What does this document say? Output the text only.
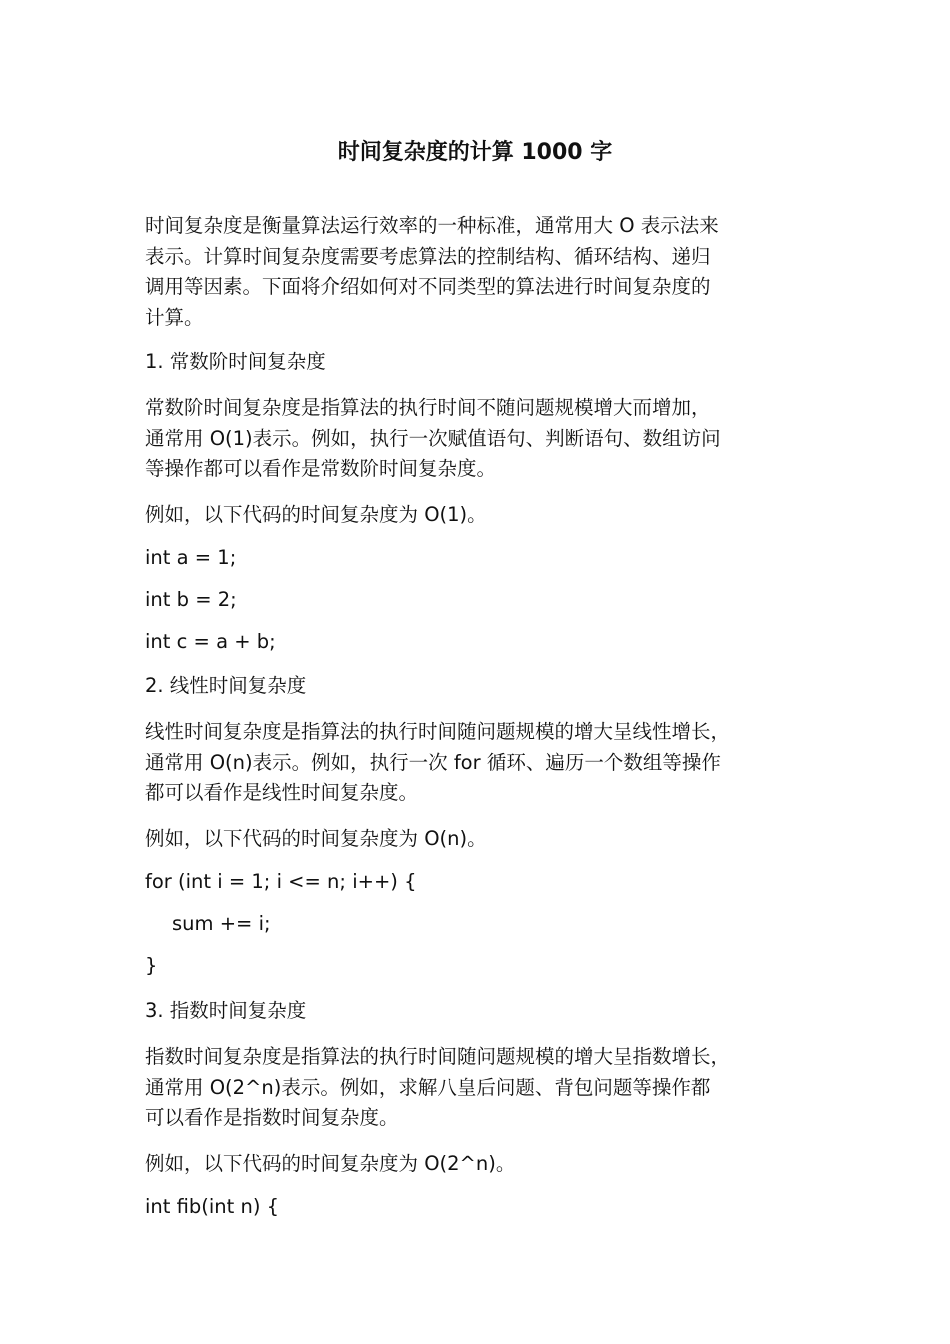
时间复杂度的计算 1000 字
时间复杂度是衡量算法运行效率的一种标准，通常用大 O 表示法来
表示。计算时间复杂度需要考虑算法的控制结构、循环结构、递归
调用等因素。下面将介绍如何对不同类型的算法进行时间复杂度的
计算。
1. 常数阶时间复杂度
常数阶时间复杂度是指算法的执行时间不随问题规模增大而增加，
通常用 O(1)表示。例如，执行一次赋值语句、判断语句、数组访问
等操作都可以看作是常数阶时间复杂度。
例如，以下代码的时间复杂度为 O(1)。
int a = 1;
int b = 2;
int c = a + b;
2. 线性时间复杂度
线性时间复杂度是指算法的执行时间随问题规模的增大呈线性增长，
通常用 O(n)表示。例如，执行一次 for 循环、遍历一个数组等操作
都可以看作是线性时间复杂度。
例如，以下代码的时间复杂度为 O(n)。
for (int i = 1; i <= n; i++) {
sum += i;
}
3. 指数时间复杂度
指数时间复杂度是指算法的执行时间随问题规模的增大呈指数增长，
通常用 O(2^n)表示。例如，求解八皇后问题、背包问题等操作都
可以看作是指数时间复杂度。
例如，以下代码的时间复杂度为 O(2^n)。
int fib(int n) {
